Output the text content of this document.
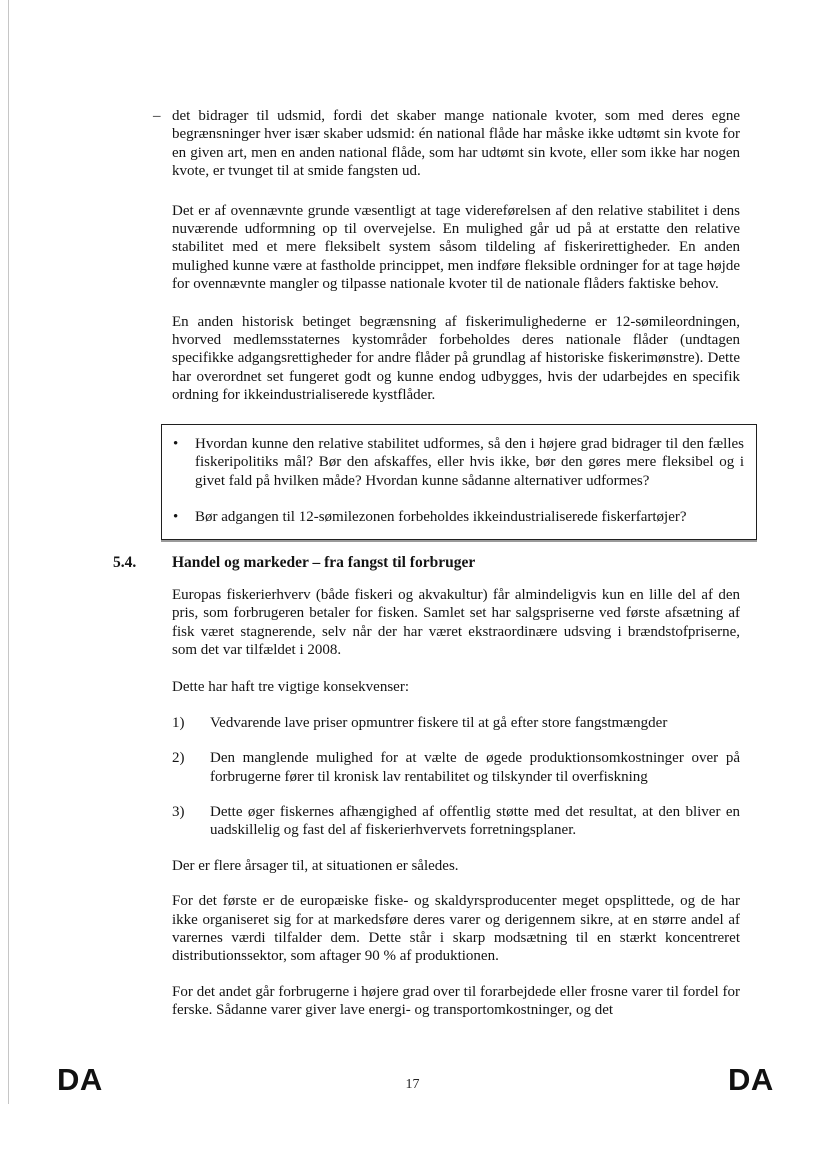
– det bidrager til udsmid, fordi det skaber mange nationale kvoter, som med deres egne begrænsninger hver især skaber udsmid: én national flåde har måske ikke udtømt sin kvote for en given art, men en anden national flåde, som har udtømt sin kvote, eller som ikke har nogen kvote, er tvunget til at smide fangsten ud.

Det er af ovennævnte grunde væsentligt at tage videreførelsen af den relative stabilitet i dens nuværende udformning op til overvejelse. En mulighed går ud på at erstatte den relative stabilitet med et mere fleksibelt system såsom tildeling af fiskerirettigheder. En anden mulighed kunne være at fastholde princippet, men indføre fleksible ordninger for at tage højde for ovennævnte mangler og tilpasse nationale kvoter til de nationale flåders faktiske behov.

En anden historisk betinget begrænsning af fiskerimulighederne er 12-sømileordningen, hvorved medlemsstaternes kystområder forbeholdes deres nationale flåder (undtagen specifikke adgangsrettigheder for andre flåder på grundlag af historiske fiskerimønstre). Dette har overordnet set fungeret godt og kunne endog udbygges, hvis der udarbejdes en specifik ordning for ikkeindustrialiserede kystflåder.

•	Hvordan kunne den relative stabilitet udformes, så den i højere grad bidrager til den fælles fiskeripolitiks mål? Bør den afskaffes, eller hvis ikke, bør den gøres mere fleksibel og i givet fald på hvilken måde? Hvordan kunne sådanne alternativer udformes?
•	Bør adgangen til 12-sømilezonen forbeholdes ikkeindustrialiserede fiskerfartøjer?
5.4. Handel og markeder – fra fangst til forbruger

Europas fiskerierhverv (både fiskeri og akvakultur) får almindeligvis kun en lille del af den pris, som forbrugeren betaler for fisken. Samlet set har salgspriserne ved første afsætning af fisk været stagnerende, selv når der har været ekstraordinære udsving i brændstofpriserne, som det var tilfældet i 2008.

Dette har haft tre vigtige konsekvenser:

1)	Vedvarende lave priser opmuntrer fiskere til at gå efter store fangstmængder
2)	Den manglende mulighed for at vælte de øgede produktionsomkostninger over på forbrugerne fører til kronisk lav rentabilitet og tilskynder til overfiskning
3)	Dette øger fiskernes afhængighed af offentlig støtte med det resultat, at den bliver en uadskillelig og fast del af fiskerierhvervets forretningsplaner.

Der er flere årsager til, at situationen er således.

For det første er de europæiske fiske- og skaldyrsproducenter meget opsplittede, og de har ikke organiseret sig for at markedsføre deres varer og derigennem sikre, at en større andel af varernes værdi tilfalder dem. Dette står i skarp modsætning til en stærkt koncentreret distributionssektor, som aftager 90 % af produktionen.

For det andet går forbrugerne i højere grad over til forarbejdede eller frosne varer til fordel for ferske. Sådanne varer giver lave energi- og transportomkostninger, og det

DA	17	DA
